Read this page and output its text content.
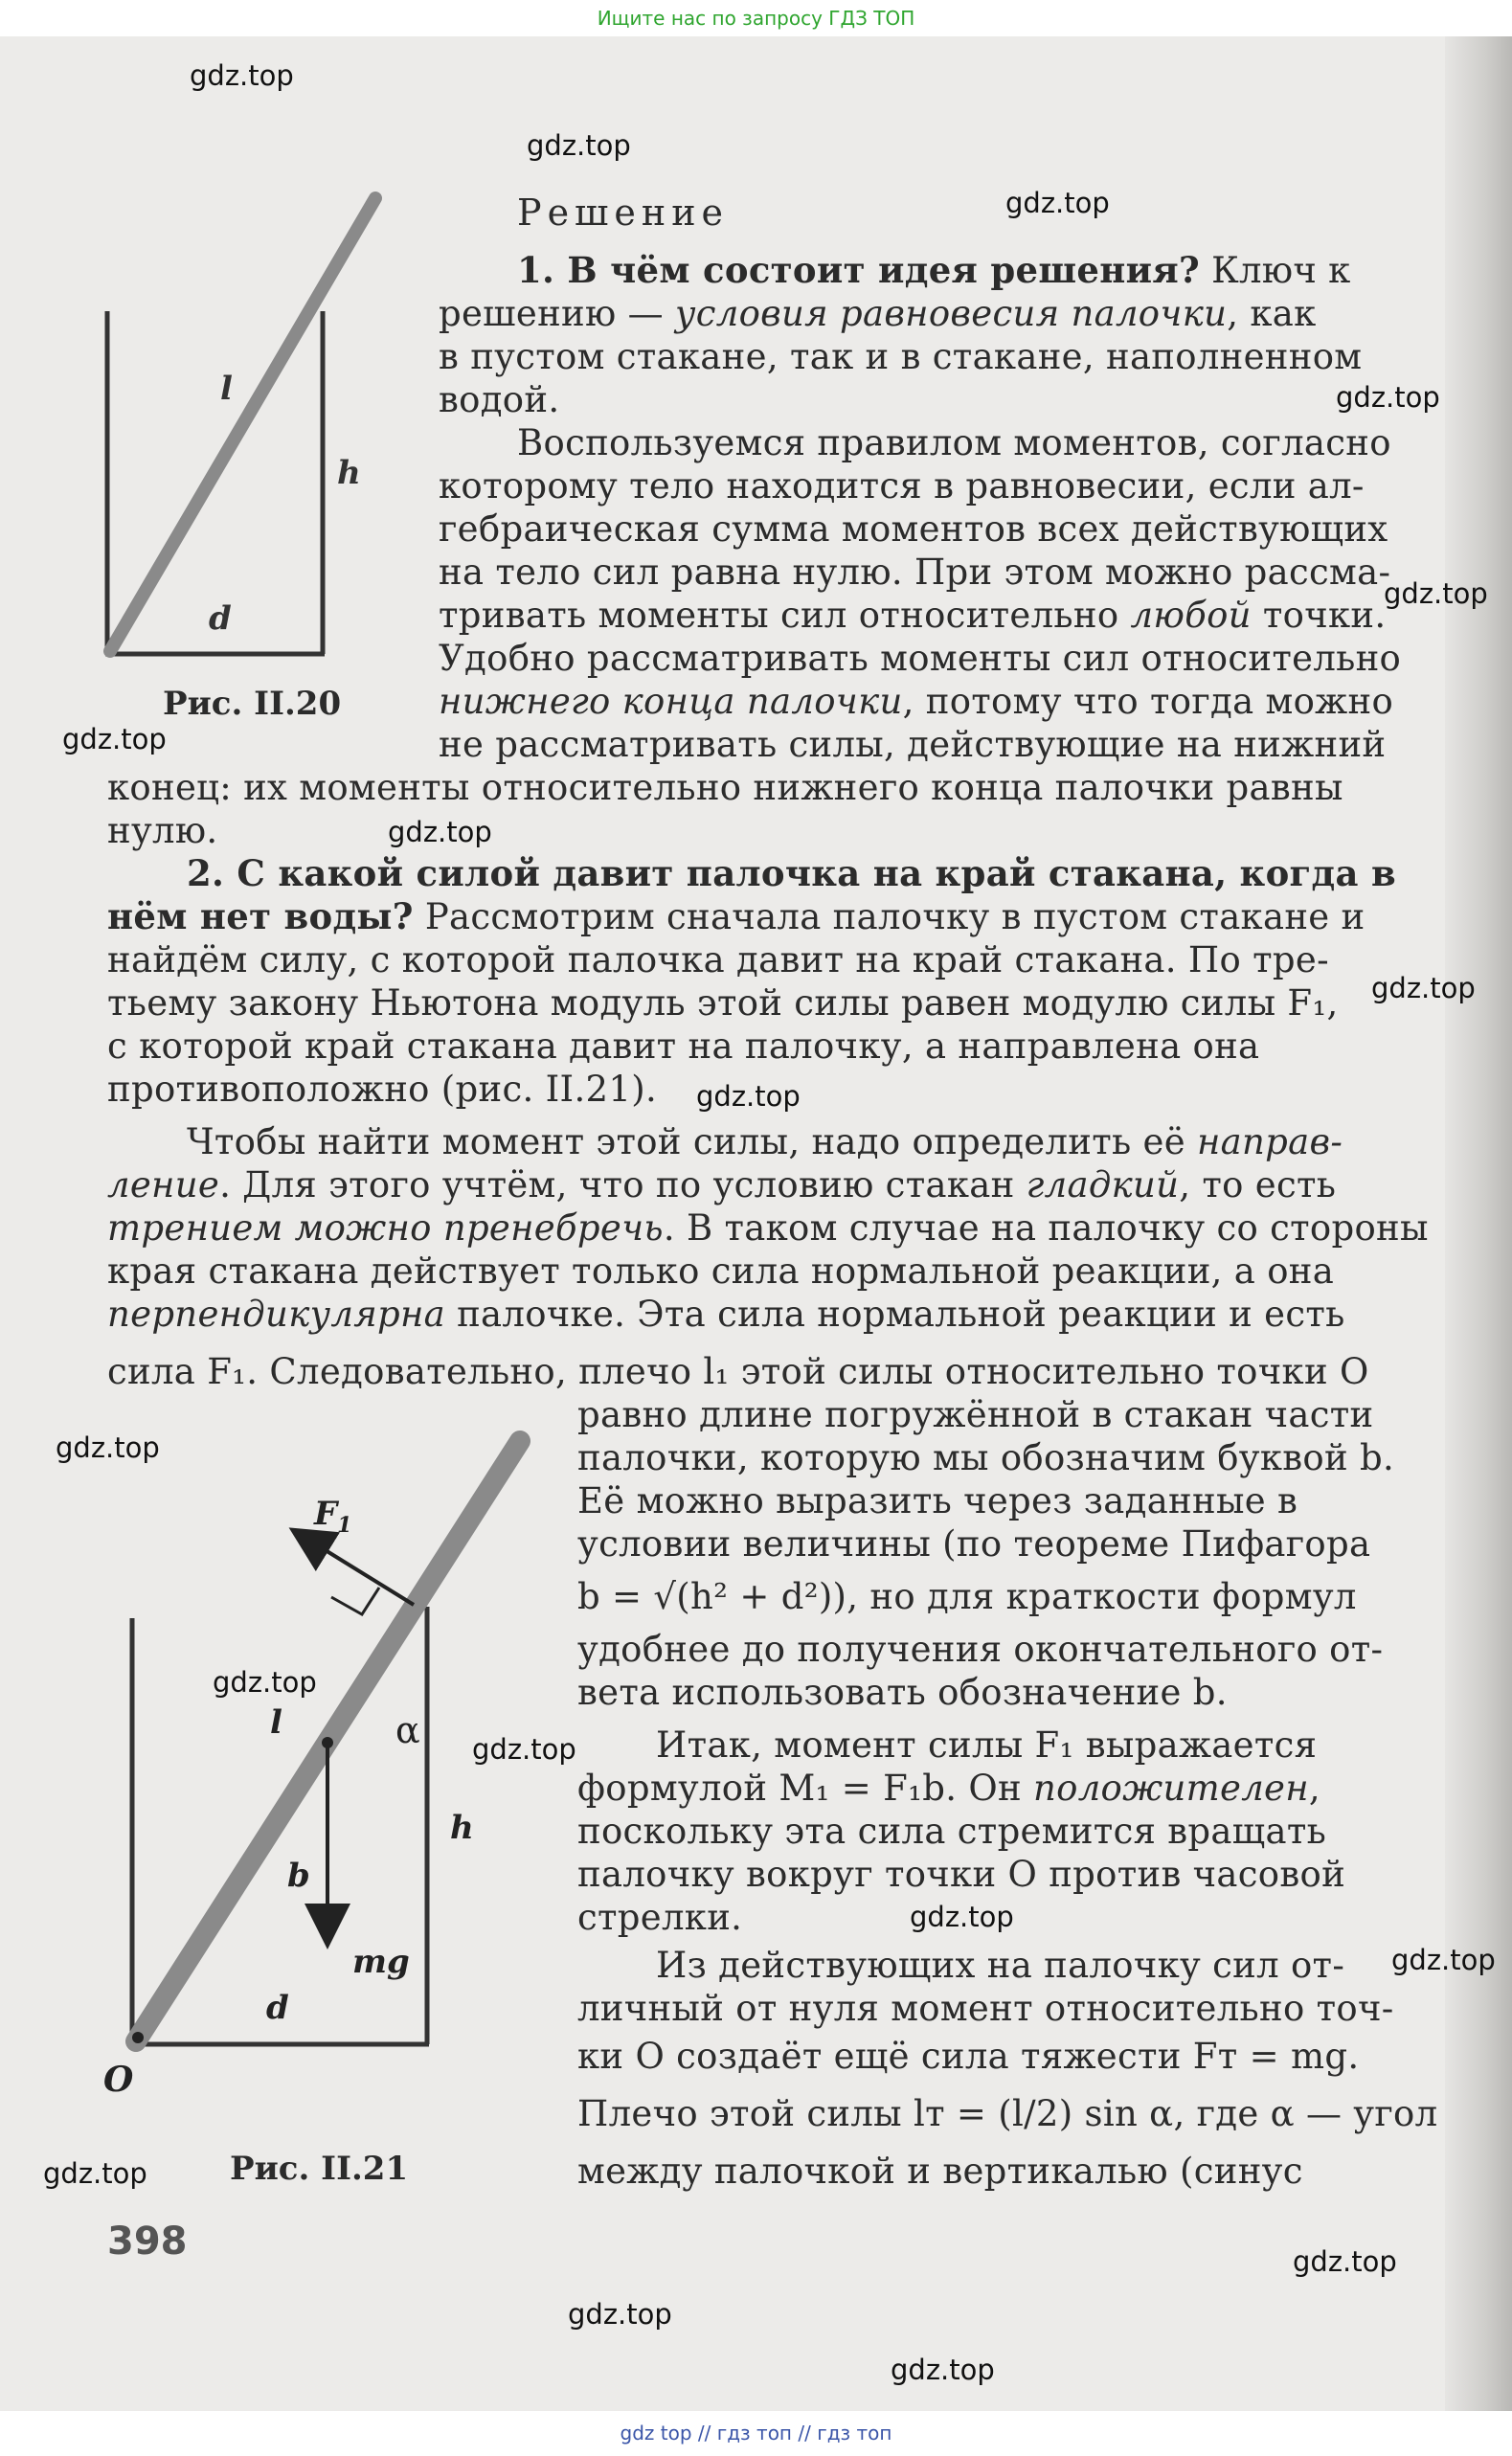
Ищите нас по запросу ГДЗ ТОП
l
h
d
Рис. II.20
Решение
1. В чём состоит идея решения? Ключ к
решению — условия равновесия палочки, как
в пустом стакане, так и в стакане, наполненном
водой.
Воспользуемся правилом моментов, согласно
которому тело находится в равновесии, если ал-
гебраическая сумма моментов всех действующих
на тело сил равна нулю. При этом можно рассма-
тривать моменты сил относительно любой точки.
Удобно рассматривать моменты сил относительно
нижнего конца палочки, потому что тогда можно
не рассматривать силы, действующие на нижний
конец: их моменты относительно нижнего конца палочки равны
нулю.
2. С какой силой давит палочка на край стакана, когда в
нём нет воды? Рассмотрим сначала палочку в пустом стакане и
найдём силу, с которой палочка давит на край стакана. По тре-
тьему закону Ньютона модуль этой силы равен модулю силы F₁,
с которой край стакана давит на палочку, а направлена она
противоположно (рис. II.21).
Чтобы найти момент этой силы, надо определить её направ-
ление. Для этого учтём, что по условию стакан гладкий, то есть
трением можно пренебречь. В таком случае на палочку со стороны
края стакана действует только сила нормальной реакции, а она
перпендикулярна палочке. Эта сила нормальной реакции и есть
сила F₁. Следовательно, плечо l₁ этой силы относительно точки O
равно длине погружённой в стакан части
палочки, которую мы обозначим буквой b.
Её можно выразить через заданные в
условии величины (по теореме Пифагора
b = √(h² + d²)), но для краткости формул
удобнее до получения окончательного от-
вета использовать обозначение b.
Итак, момент силы F₁ выражается
формулой M₁ = F₁b. Он положителен,
поскольку эта сила стремится вращать
палочку вокруг точки O против часовой
стрелки.
Из действующих на палочку сил от-
личный от нуля момент относительно точ-
ки O создаёт ещё сила тяжести Fт = mg.
Плечо этой силы lт = (l/2) sin α, где α — угол
между палочкой и вертикалью (синус
$F_1$
α
l
h
b
mg
d
O
Рис. II.21
398
gdz.top
gdz.top
gdz.top
gdz.top
gdz.top
gdz.top
gdz.top
gdz.top
gdz.top
gdz.top
gdz.top
gdz.top
gdz.top
gdz.top
gdz.top
gdz.top
gdz.top
gdz.top
gdz top // гдз топ // гдз топ
